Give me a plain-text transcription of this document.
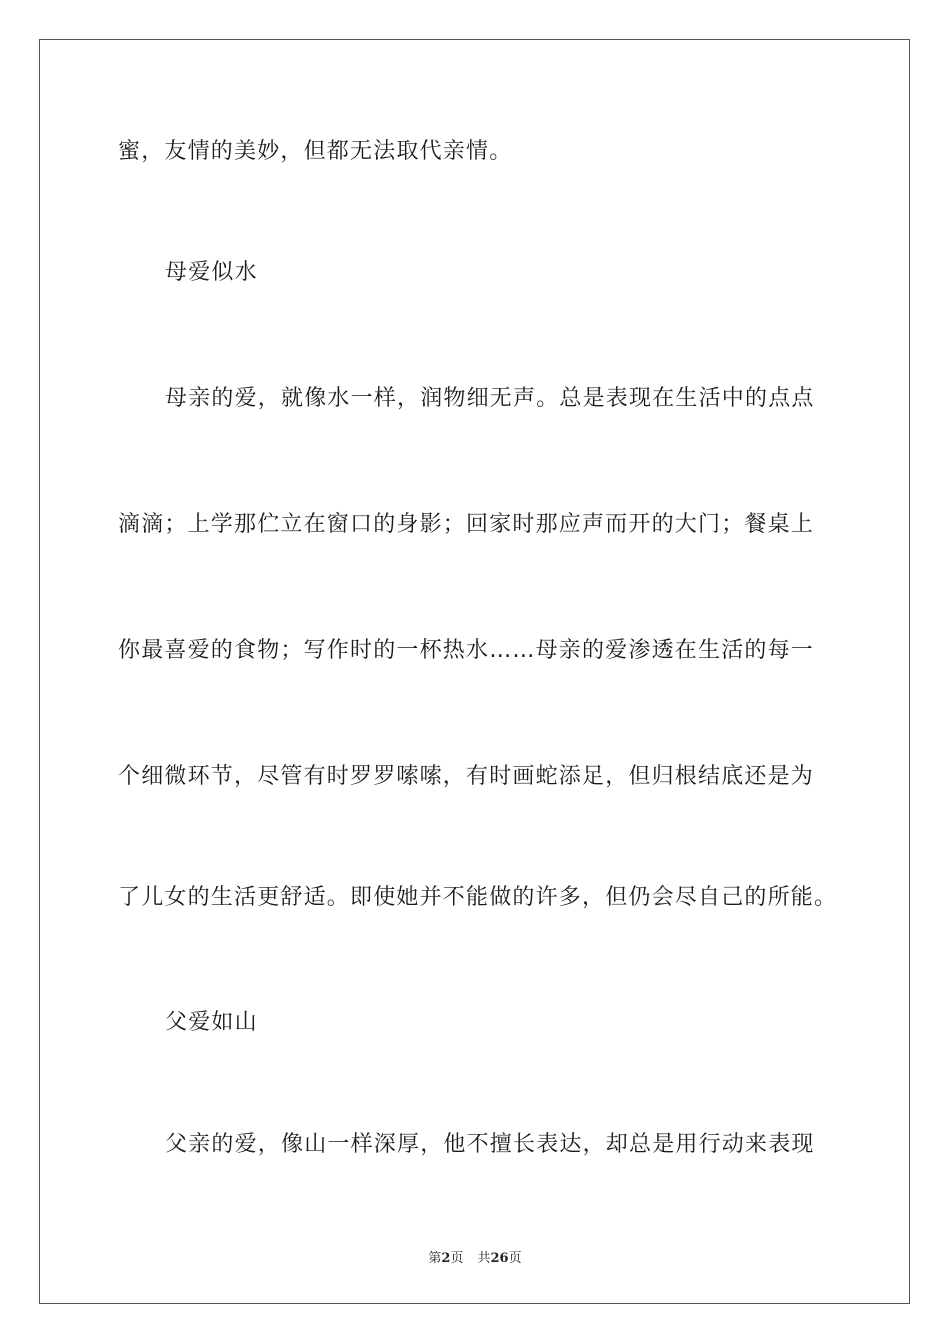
蜜，友情的美妙，但都无法取代亲情。
母爱似水
母亲的爱，就像水一样，润物细无声。总是表现在生活中的点点
滴滴；上学那伫立在窗口的身影；回家时那应声而开的大门；餐桌上
你最喜爱的食物；写作时的一杯热水……母亲的爱渗透在生活的每一
个细微环节，尽管有时罗罗嗦嗦，有时画蛇添足，但归根结底还是为
了儿女的生活更舒适。即使她并不能做的许多，但仍会尽自己的所能。
父爱如山
父亲的爱，像山一样深厚，他不擅长表达，却总是用行动来表现
第2页 共26页
